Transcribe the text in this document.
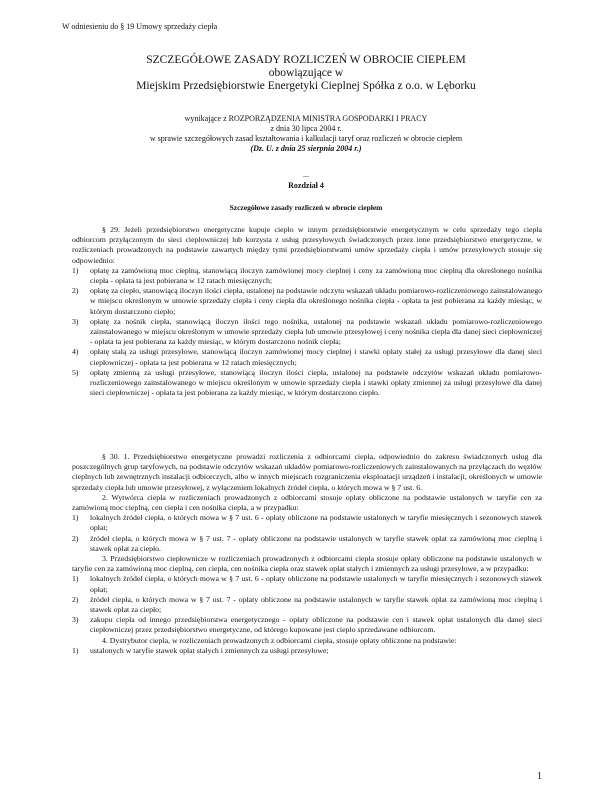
W odniesieniu do § 19 Umowy sprzedaży ciepła
SZCZEGÓŁOWE ZASADY ROZLICZEŃ W OBROCIE CIEPŁEM
obowiązujące w
Miejskim Przedsiębiorstwie Energetyki Cieplnej Spółka z o.o. w Lęborku
wynikające z ROZPORZĄDZENIA MINISTRA GOSPODARKI I PRACY
z dnia 30 lipca 2004 r.
w sprawie szczegółowych zasad kształtowania i kalkulacji taryf oraz rozliczeń w obrocie ciepłem
(Dz. U. z dnia 25 sierpnia 2004 r.)
...
Rozdział 4
Szczegółowe zasady rozliczeń w obrocie ciepłem

§ 29. Jeżeli przedsiębiorstwo energetyczne kupuje ciepło w innym przedsiębiorstwie energetycznym w celu sprzedaży tego ciepła odbiorcom przyłączonym do sieci ciepłowniczej lub korzysta z usług przesyłowych świadczonych przez inne przedsiębiorstwo energetyczne, w rozliczeniach prowadzonych na podstawie zawartych między tymi przedsiębiorstwami umów sprzedaży ciepła i umów przesyłowych stosuje się odpowiednio:

1) opłatę za zamówioną moc cieplną, stanowiącą iloczyn zamówionej mocy cieplnej i ceny za zamówioną moc cieplną dla określonego nośnika ciepła - opłata ta jest pobierana w 12 ratach miesięcznych;
2) opłatę za ciepło, stanowiącą iloczyn ilości ciepła, ustalonej na podstawie odczytu wskazań układu pomiarowo-rozliczeniowego zainstalowanego w miejscu określonym w umowie sprzedaży ciepła i ceny ciepła dla określonego nośnika ciepła - opłata ta jest pobierana za każdy miesiąc, w którym dostarczono ciepło;
3) opłatę za nośnik ciepła, stanowiącą iloczyn ilości tego nośnika, ustalonej na podstawie wskazań układu pomiarowo-rozliczeniowego zainstalowanego w miejscu określonym w umowie sprzedaży ciepła lub umowie przesyłowej i ceny nośnika ciepła dla danej sieci ciepłowniczej - opłata ta jest pobierana za każdy miesiąc, w którym dostarczono nośnik ciepła;
4) opłatę stałą za usługi przesyłowe, stanowiącą iloczyn zamówionej mocy cieplnej i stawki opłaty stałej za usługi przesyłowe dla danej sieci ciepłowniczej - opłata ta jest pobierana w 12 ratach miesięcznych;
5) opłatę zmienną za usługi przesyłowe, stanowiącą iloczyn ilości ciepła, ustalonej na podstawie odczytów wskazań układu pomiarowo-rozliczeniowego zainstalowanego w miejscu określonym w umowie sprzedaży ciepła i stawki opłaty zmiennej za usługi przesyłowe dla danej sieci ciepłowniczej - opłata ta jest pobierana za każdy miesiąc, w którym dostarczono ciepło.

§ 30. 1. Przedsiębiorstwo energetyczne prowadzi rozliczenia z odbiorcami ciepła, odpowiednio do zakresu świadczonych usług dla poszczególnych grup taryfowych, na podstawie odczytów wskazań układów pomiarowo-rozliczeniowych zainstalowanych na przyłączach do węzłów cieplnych lub zewnętrznych instalacji odbiorczych, albo w innych miejscach rozgraniczenia eksploatacji urządzeń i instalacji, określonych w umowie sprzedaży ciepła lub umowie przesyłowej, z wyłączeniem lokalnych źródeł ciepła, o których mowa w § 7 ust. 6.

2. Wytwórca ciepła w rozliczeniach prowadzonych z odbiorcami stosuje opłaty obliczone na podstawie ustalonych w taryfie cen za zamówioną moc cieplną, cen ciepła i cen nośnika ciepła, a w przypadku:

1) lokalnych źródeł ciepła, o których mowa w § 7 ust. 6 - opłaty obliczone na podstawie ustalonych w taryfie miesięcznych i sezonowych stawek opłat;
2) źródeł ciepła, o których mowa w § 7 ust. 7 - opłaty obliczone na podstawie ustalonych w taryfie stawek opłat za zamówioną moc cieplną i stawek opłat za ciepło.

3. Przedsiębiorstwo ciepłownicze w rozliczeniach prowadzonych z odbiorcami ciepła stosuje opłaty obliczone na podstawie ustalonych w taryfie cen za zamówioną moc cieplną, cen ciepła, cen nośnika ciepła oraz stawek opłat stałych i zmiennych za usługi przesyłowe, a w przypadku:

1) lokalnych źródeł ciepła, o których mowa w § 7 ust. 6 - opłaty obliczone na podstawie ustalonych w taryfie miesięcznych i sezonowych stawek opłat;
2) źródeł ciepła, o których mowa w § 7 ust. 7 - opłaty obliczone na podstawie ustalonych w taryfie stawek opłat za zamówioną moc cieplną i stawek opłat za ciepło;
3) zakupu ciepła od innego przedsiębiorstwa energetycznego - opłaty obliczone na podstawie cen i stawek opłat ustalonych dla danej sieci ciepłowniczej przez przedsiębiorstwo energetyczne, od którego kupowane jest ciepło sprzedawane odbiorcom.

4. Dystrybutor ciepła, w rozliczeniach prowadzonych z odbiorcami ciepła, stosuje opłaty obliczone na podstawie:

1) ustalonych w taryfie stawek opłat stałych i zmiennych za usługi przesyłowe;
1
